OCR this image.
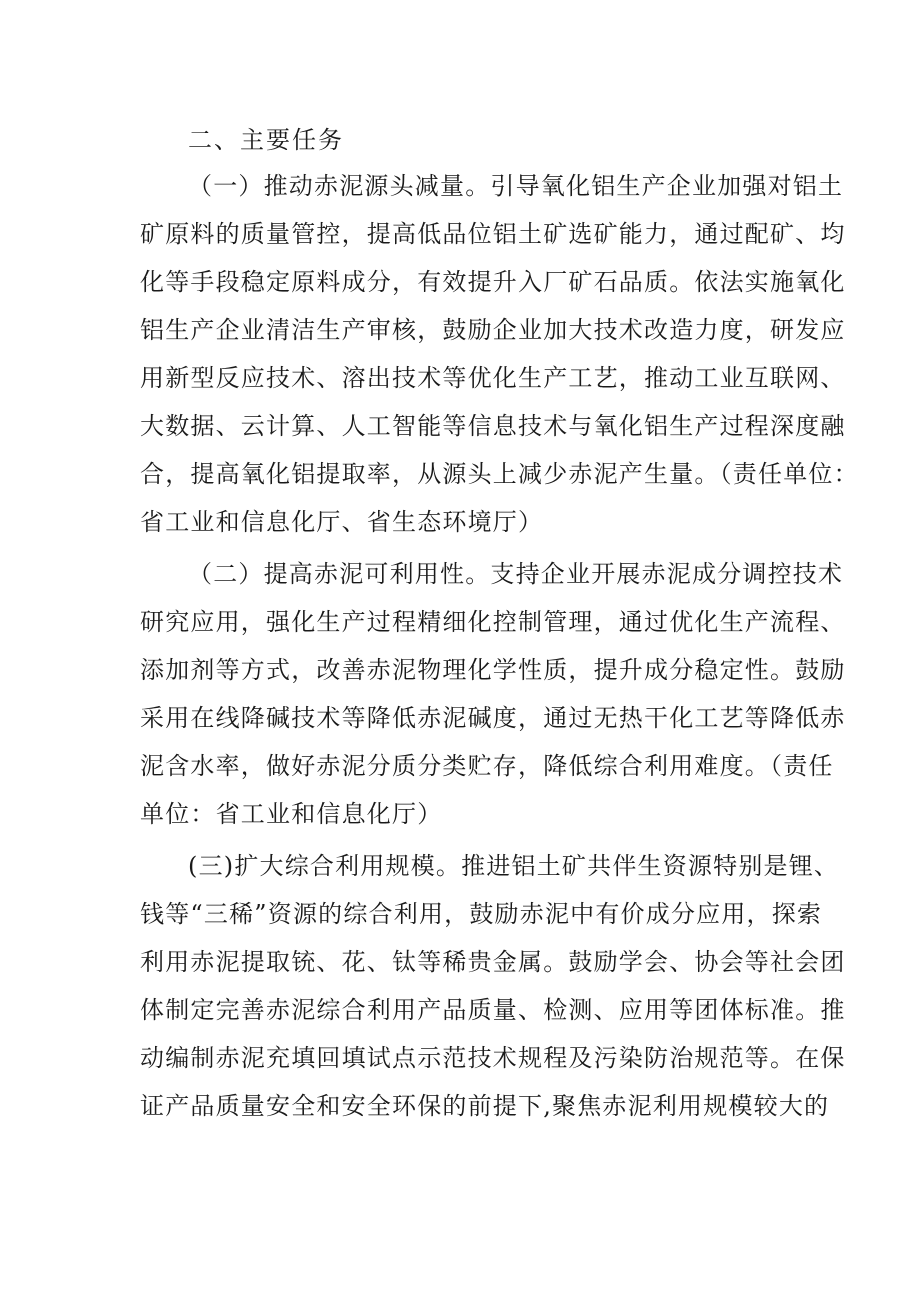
二、主要任务
（一）推动赤泥源头减量。引导氧化铝生产企业加强对铝土
矿原料的质量管控，提高低品位铝土矿选矿能力，通过配矿、均
化等手段稳定原料成分，有效提升入厂矿石品质。依法实施氧化
铝生产企业清洁生产审核，鼓励企业加大技术改造力度，研发应
用新型反应技术、溶出技术等优化生产工艺，推动工业互联网、
大数据、云计算、人工智能等信息技术与氧化铝生产过程深度融
合，提高氧化铝提取率，从源头上减少赤泥产生量。（责任单位：
省工业和信息化厅、省生态环境厅）
（二）提高赤泥可利用性。支持企业开展赤泥成分调控技术
研究应用，强化生产过程精细化控制管理，通过优化生产流程、
添加剂等方式，改善赤泥物理化学性质，提升成分稳定性。鼓励
采用在线降碱技术等降低赤泥碱度，通过无热干化工艺等降低赤
泥含水率，做好赤泥分质分类贮存，降低综合利用难度。（责任
单位：省工业和信息化厅）
(三)扩大综合利用规模。推进铝土矿共伴生资源特别是锂、
钱等“三稀”资源的综合利用，鼓励赤泥中有价成分应用，探索
利用赤泥提取铳、花、钛等稀贵金属。鼓励学会、协会等社会团
体制定完善赤泥综合利用产品质量、检测、应用等团体标准。推
动编制赤泥充填回填试点示范技术规程及污染防治规范等。在保
证产品质量安全和安全环保的前提下,聚焦赤泥利用规模较大的
